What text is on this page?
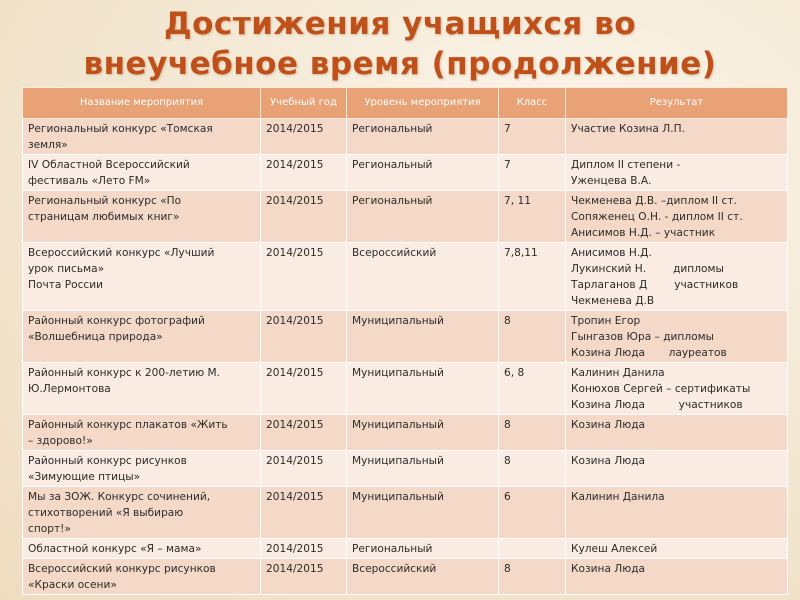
Достижения учащихся во
внеучебное время (продолжение)
Название мероприятия	Учебный год	Уровень мероприятия	Класс	Результат

Региональный конкурс «Томская
земля»	2014/2015	Региональный	7	Участие Козина Л.П.

IV Областной Всероссийский
фестиваль «Лето FM»	2014/2015	Региональный	7	Диплом II степени -
Уженцева В.А.

Региональный конкурс «По
страницам любимых книг»	2014/2015	Региональный	7, 11	Чекменева Д.В. –диплом II ст.
Сопяженец О.Н. - диплом II ст.
Анисимов Н.Д. – участник

Всероссийский конкурс «Лучший
урок письма»
Почта России	2014/2015	Всероссийский	7,8,11	Анисимов Н.Д.
Лукинский Н.        дипломы
Тарлаганов Д        участников
Чекменева Д.В

Районный конкурс фотографий
«Волшебница природа»	2014/2015	Муниципальный	8	Тропин Егор
Гынгазов Юра – дипломы
Козина Люда       лауреатов

Районный конкурс к 200-летию М.
Ю.Лермонтова	2014/2015	Муниципальный	6, 8	Калинин Данила
Конюхов Сергей – сертификаты
Козина Люда          участников

Районный конкурс плакатов «Жить
– здорово!»	2014/2015	Муниципальный	8	Козина Люда

Районный конкурс рисунков
«Зимующие птицы»	2014/2015	Муниципальный	8	Козина Люда

Мы за ЗОЖ. Конкурс сочинений,
стихотворений «Я выбираю
спорт!»	2014/2015	Муниципальный	6	Калинин Данила

Областной конкурс «Я – мама»	2014/2015	Региональный		Кулеш Алексей

Всероссийский конкурс рисунков
«Краски осени»	2014/2015	Всероссийский	8	Козина Люда
